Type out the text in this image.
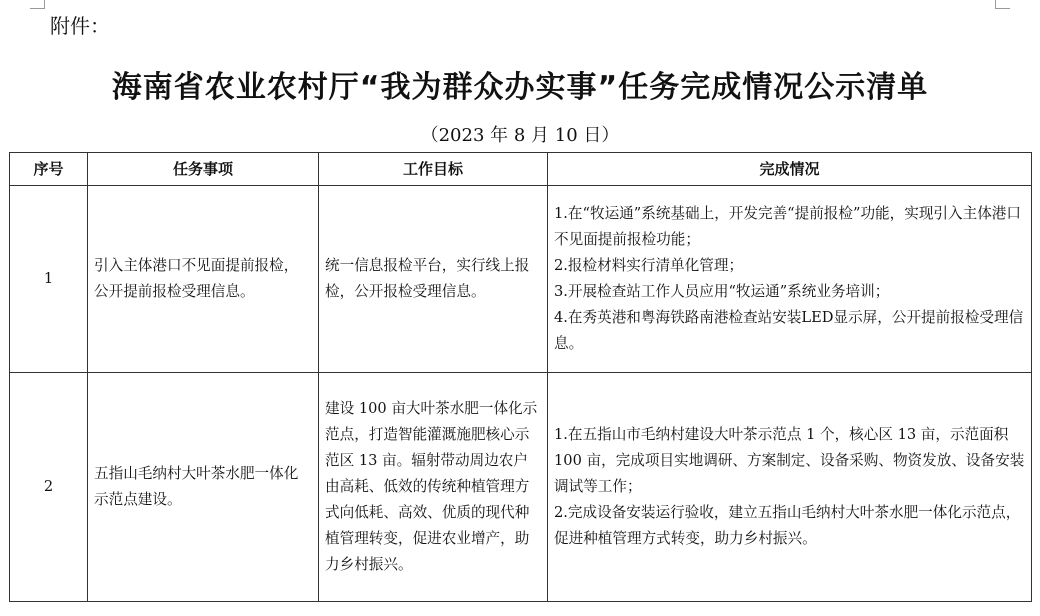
附件：
海南省农业农村厅“我为群众办实事”任务完成情况公示清单
（2023 年 8 月 10 日）
序号	任务事项	工作目标	完成情况
1	引入主体港口不见面提前报检，公开提前报检受理信息。	统一信息报检平台，实行线上报检，公开报检受理信息。	1.在“牧运通”系统基础上，开发完善“提前报检”功能，实现引入主体港口不见面提前报检功能；
2.报检材料实行清单化管理；
3.开展检查站工作人员应用“牧运通”系统业务培训；
4.在秀英港和粤海铁路南港检查站安装LED显示屏，公开提前报检受理信息。

2	五指山毛纳村大叶茶水肥一体化示范点建设。	建设 100 亩大叶茶水肥一体化示范点，打造智能灌溉施肥核心示范区 13 亩。辐射带动周边农户由高耗、低效的传统种植管理方式向低耗、高效、优质的现代种植管理转变，促进农业增产，助力乡村振兴。	1.在五指山市毛纳村建设大叶茶示范点 1 个，核心区 13 亩，示范面积 100 亩，完成项目实地调研、方案制定、设备采购、物资发放、设备安装调试等工作；
2.完成设备安装运行验收，建立五指山毛纳村大叶茶水肥一体化示范点，促进种植管理方式转变，助力乡村振兴。
